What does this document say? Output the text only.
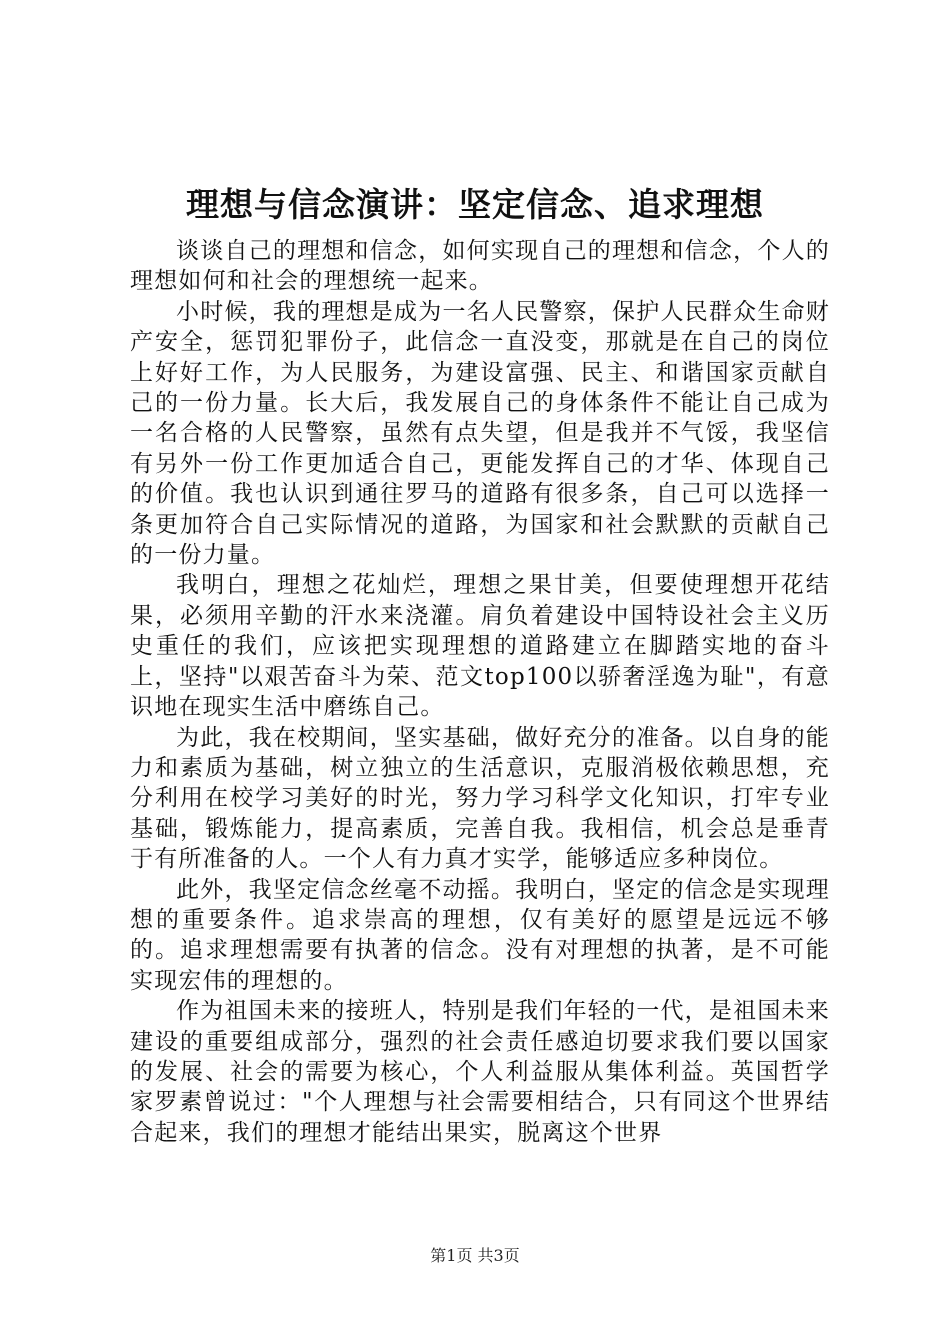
理想与信念演讲：坚定信念、追求理想

谈谈自己的理想和信念，如何实现自己的理想和信念，个人的理想如何和社会的理想统一起来。

小时候，我的理想是成为一名人民警察，保护人民群众生命财产安全，惩罚犯罪份子，此信念一直没变，那就是在自己的岗位上好好工作，为人民服务，为建设富强、民主、和谐国家贡献自己的一份力量。长大后，我发展自己的身体条件不能让自己成为一名合格的人民警察，虽然有点失望，但是我并不气馁，我坚信有另外一份工作更加适合自己，更能发挥自己的才华、体现自己的价值。我也认识到通往罗马的道路有很多条，自己可以选择一条更加符合自己实际情况的道路，为国家和社会默默的贡献自己的一份力量。

我明白，理想之花灿烂，理想之果甘美，但要使理想开花结果，必须用辛勤的汗水来浇灌。肩负着建设中国特设社会主义历史重任的我们，应该把实现理想的道路建立在脚踏实地的奋斗上，坚持"以艰苦奋斗为荣、范文top100以骄奢淫逸为耻"，有意识地在现实生活中磨练自己。

为此，我在校期间，坚实基础，做好充分的准备。以自身的能力和素质为基础，树立独立的生活意识，克服消极依赖思想，充分利用在校学习美好的时光，努力学习科学文化知识，打牢专业基础，锻炼能力，提高素质，完善自我。我相信，机会总是垂青于有所准备的人。一个人有力真才实学，能够适应多种岗位。

此外，我坚定信念丝毫不动摇。我明白，坚定的信念是实现理想的重要条件。追求崇高的理想，仅有美好的愿望是远远不够的。追求理想需要有执著的信念。没有对理想的执著，是不可能实现宏伟的理想的。

作为祖国未来的接班人，特别是我们年轻的一代，是祖国未来建设的重要组成部分，强烈的社会责任感迫切要求我们要以国家的发展、社会的需要为核心，个人利益服从集体利益。英国哲学家罗素曾说过："个人理想与社会需要相结合，只有同这个世界结合起来，我们的理想才能结出果实，脱离这个世界

第1页 共3页
